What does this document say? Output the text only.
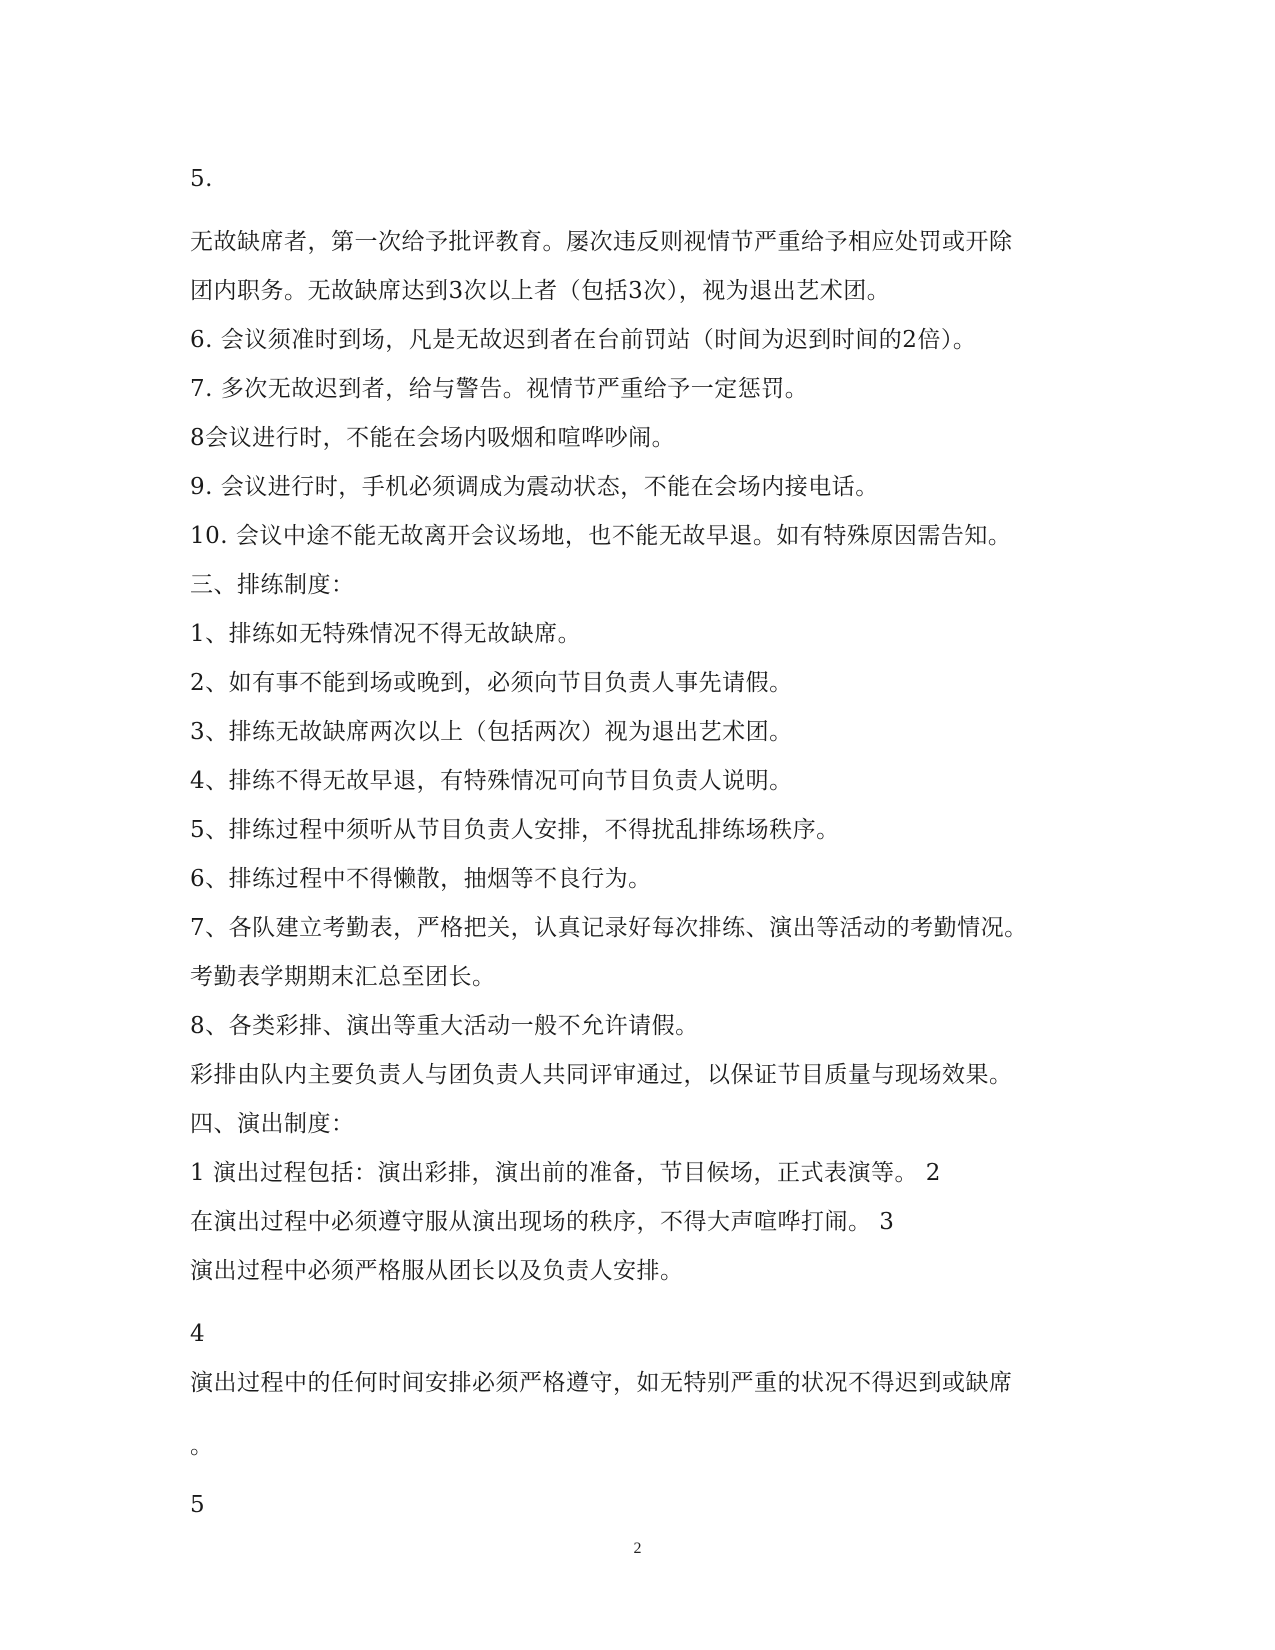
5.
无故缺席者，第一次给予批评教育。屡次违反则视情节严重给予相应处罚或开除
团内职务。无故缺席达到3次以上者（包括3次），视为退出艺术团。
6. 会议须准时到场，凡是无故迟到者在台前罚站（时间为迟到时间的2倍）。
7. 多次无故迟到者，给与警告。视情节严重给予一定惩罚。
8会议进行时，不能在会场内吸烟和喧哗吵闹。
9. 会议进行时，手机必须调成为震动状态，不能在会场内接电话。
10. 会议中途不能无故离开会议场地，也不能无故早退。如有特殊原因需告知。
三、排练制度：
1、排练如无特殊情况不得无故缺席。
2、如有事不能到场或晚到，必须向节目负责人事先请假。
3、排练无故缺席两次以上（包括两次）视为退出艺术团。
4、排练不得无故早退，有特殊情况可向节目负责人说明。
5、排练过程中须听从节目负责人安排，不得扰乱排练场秩序。
6、排练过程中不得懒散，抽烟等不良行为。
7、各队建立考勤表，严格把关，认真记录好每次排练、演出等活动的考勤情况。
考勤表学期期末汇总至团长。
8、各类彩排、演出等重大活动一般不允许请假。
彩排由队内主要负责人与团负责人共同评审通过，以保证节目质量与现场效果。
四、演出制度：
1 演出过程包括：演出彩排，演出前的准备，节目候场，正式表演等。 2
在演出过程中必须遵守服从演出现场的秩序，不得大声喧哗打闹。 3
演出过程中必须严格服从团长以及负责人安排。
4
演出过程中的任何时间安排必须严格遵守，如无特别严重的状况不得迟到或缺席
。
5
2
